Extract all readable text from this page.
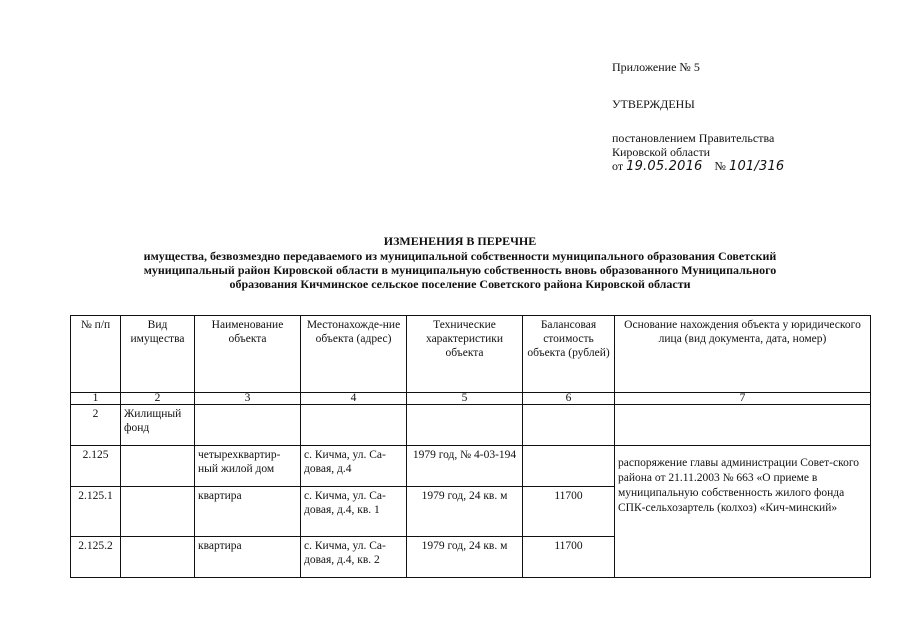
Приложение № 5
УТВЕРЖДЕНЫ
постановлением Правительства
Кировской области
от 19.05.2016 № 101/316
ИЗМЕНЕНИЯ В ПЕРЕЧНЕ
имущества, безвозмездно передаваемого из муниципальной собственности муниципального образования Советский
муниципальный район Кировской области в муниципальную собственность вновь образованного Муниципального
образования Кичминское сельское поселение Советского района Кировской области
№ п/п	Вид имущества	Наименование объекта	Местонахожде-ние объекта (адрес)	Технические характеристики объекта	Балансовая стоимость объекта (рублей)	Основание нахождения объекта у юридического лица (вид документа, дата, номер)
1	2	3	4	5	6	7
2	Жилищный фонд					
2.125		четырехквартир-ный жилой дом	с. Кичма, ул. Са-довая, д.4	1979 год, № 4-03-194		распоряжение главы администрации Совет-ского района от 21.11.2003 № 663 «О приеме в муниципальную собственность жилого фонда СПК-сельхозартель (колхоз) «Кич-минский»
2.125.1		квартира	с. Кичма, ул. Са-довая, д.4, кв. 1	1979 год, 24 кв. м	11700	
2.125.2		квартира	с. Кичма, ул. Са-довая, д.4, кв. 2	1979 год, 24 кв. м	11700	
